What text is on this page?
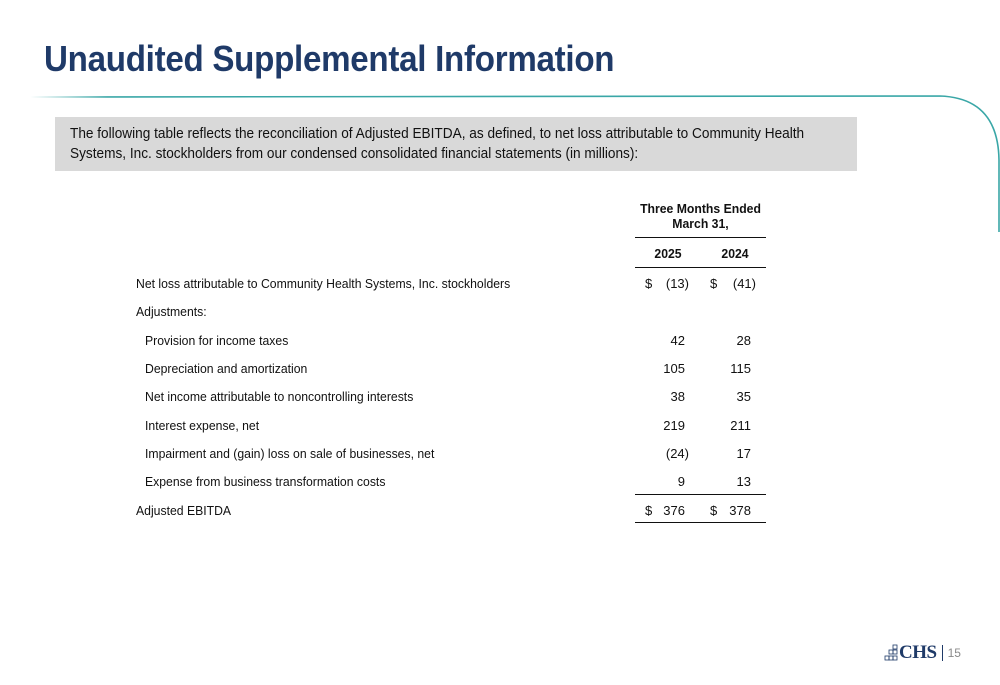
Unaudited Supplemental Information
The following table reflects the reconciliation of Adjusted EBITDA, as defined, to net loss attributable to Community Health Systems, Inc. stockholders from our condensed consolidated financial statements (in millions):
Three Months Ended
March 31,
2025	2024
Net loss attributable to Community Health Systems, Inc. stockholders	$	(13) $	(41)
Adjustments:
Provision for income taxes	42	28
Depreciation and amortization	105	115
Net income attributable to noncontrolling interests	38	35
Interest expense, net	219	211
Impairment and (gain) loss on sale of businesses, net	(24)	17
Expense from business transformation costs	9	13
Adjusted EBITDA	$ 376 $ 378
CHS 15
